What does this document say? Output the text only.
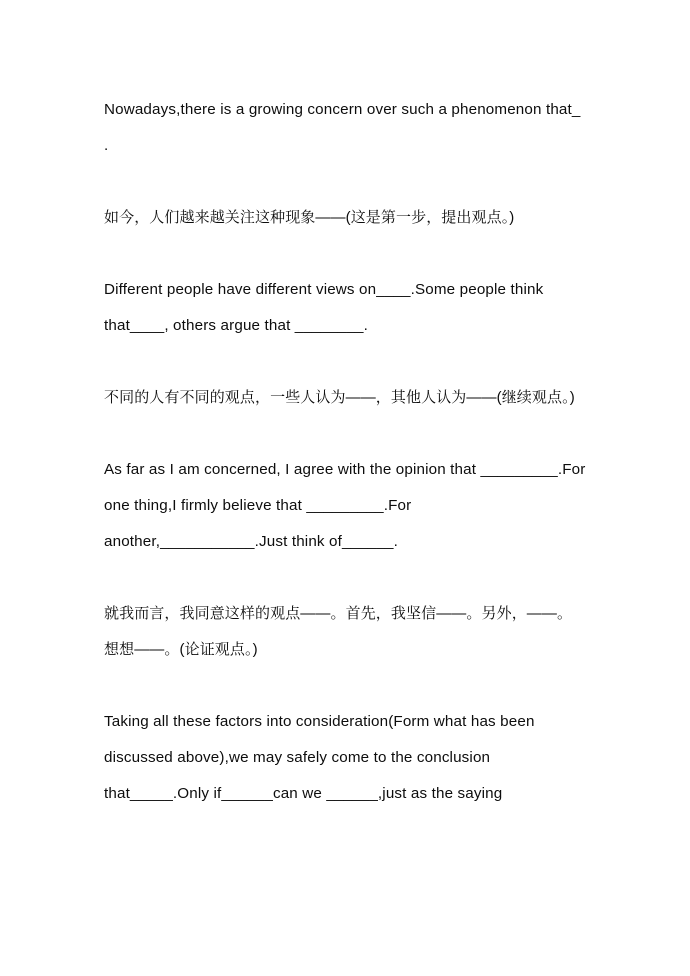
Nowadays,there is a growing concern over such a phenomenon that_ .

如今，人们越来越关注这种现象——(这是第一步，提出观点。)

Different people have different views on____.Some people think that____, others argue that ________.

不同的人有不同的观点，一些人认为——，其他人认为——(继续观点。)

As far as I am concerned, I agree with the opinion that _________.For one thing,I firmly believe that _________.For another,___________.Just think of______.

就我而言，我同意这样的观点——。首先，我坚信——。另外，——。想想——。(论证观点。)

Taking all these factors into consideration(Form what has been discussed above),we may safely come to the conclusion that_____.Only if______can we ______,just as the saying
